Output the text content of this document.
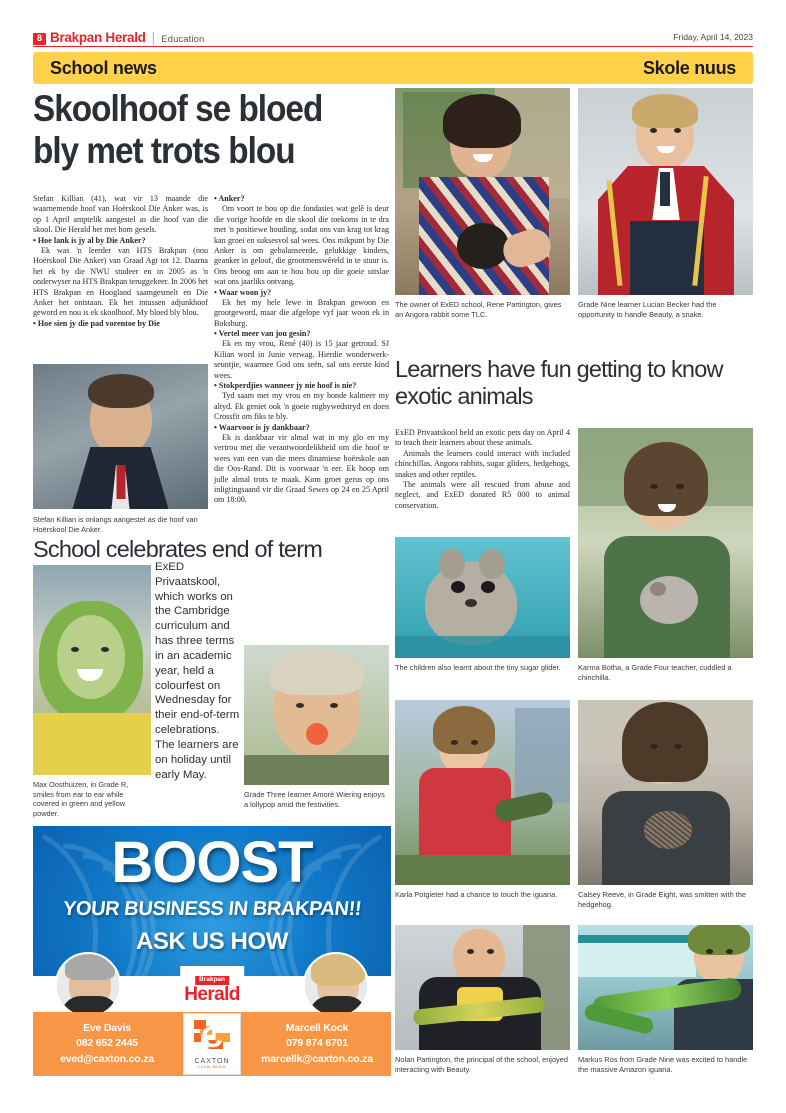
8 Brakpan Herald | Education	Friday, April 14, 2023
School news	Skole nuus
Skoolhoof se bloed bly met trots blou

Stefan Killian (41), wat vir 13 maande die waarnemende hoof van Hoërskool Die Anker was, is op 1 April amptelik aangestel as die hoof van die skool. Die Herald het met hom gesels.

• Hoe lank is jy al by Die Anker?

Ek was 'n leerder van HTS Brakpan (nou Hoërskool Die Anker) van Graad Agt tot 12. Daarna het ek by die NWU studeer en in 2005 as 'n onderwyser na HTS Brakpan teruggekeer. In 2006 het HTS Brakpan en Hoogland saamgesmelt en Die Anker het ontstaan. Ek het intussen adjunkhoof geword en nou is ek skoolhoof. My bloed bly blou.

• Hoe sien jy die pad vorentoe by Die

Stefan Killian is onlangs aangestel as die hoof van Hoërskool Die Anker.

• Anker?

Om voort te bou op die fondasies wat gelê is deur die vorige hoofde en die skool die toekoms in te dra met 'n positiewe houding, sodat ons van krag tot krag kan groei en suksesvol sal wees. Ons mikpunt by Die Anker is om gebalanseerde, gelukkige kinders, geanker in geloof, die grootmenswêreld in te stuur is. Ons beoog om aan te hou bou op die goeie uitslae wat ons jaarliks ontvang.

• Waar woon jy?

Ek het my hele lewe in Brakpan gewoon en grootgeword, maar die afgelope vyf jaar woon ek in Boksburg.

• Vertel meer van jou gesin?

Ek en my vrou, René (40) is 15 jaar getroud. SJ Kilian word in Junie verwag. Hierdie wonderwerk-seuntjie, waarmee God ons seën, sal ons eerste kind wees.

• Stokperdjies wanneer jy nie hoof is nie?

Tyd saam met my vrou en my honde kalmeer my altyd. Ek geniet ook 'n goeie rugbywedstryd en doen Crossfit om fiks te bly.

• Waarvoor is jy dankbaar?

Ek is dankbaar vir almal wat in my glo en my vertrou met die verantwoordelikheid om die hoof te wees van een van die mees dinamiese hoërskole aan die Oos-Rand. Dit is voorwaar 'n eer. Ek hoop om julle almal trots te maak. Kom groet gerus op ons inligtingsaand vir die Graad Sewes op 24 en 25 April om 18:00.

School celebrates end of term
ExED Privaatskool, which works on the Cambridge curriculum and has three terms in an academic year, held a colourfest on Wednesday for their end-of-term celebrations. The learners are on holiday until early May.
Max Oosthuizen, in Grade R, smiles from ear to ear while covered in green and yellow powder.
Grade Three learner Amoré Wiering enjoys a lollypop amid the festivities.
BOOST
YOUR BUSINESS IN BRAKPAN!!
ASK US HOW
Brakpan
Herald
Eve Davis
082 652 2445
eved@caxton.co.za
C
CAXTON
LOCAL MEDIA
Marcell Kock
079 874 6701
marcellk@caxton.co.za
The owner of ExED school, Rene Partington, gives an Angora rabbit some TLC.
Grade Nine learner Lucian Becker had the opportunity to handle Beauty, a snake.
Learners have fun getting to know exotic animals

ExED Privaatskool held an exotic pets day on April 4 to teach their learners about these animals.

Animals the learners could interact with included chinchillas, Angora rabbits, sugar gliders, hedgehogs, snakes and other reptiles.

The animals were all rescued from abuse and neglect, and ExED donated R5 000 to animal conservation.

Karma Botha, a Grade Four teacher, cuddled a chinchilla.
The children also learnt about the tiny sugar glider.
Karla Potgieter had a chance to touch the iguana.	Calsey Reeve, in Grade Eight, was smitten with the hedgehog.
Nolan Partington, the principal of the school, enjoyed interacting with Beauty.
Markus Ros from Grade Nine was excited to handle the massive Amazon iguana.
